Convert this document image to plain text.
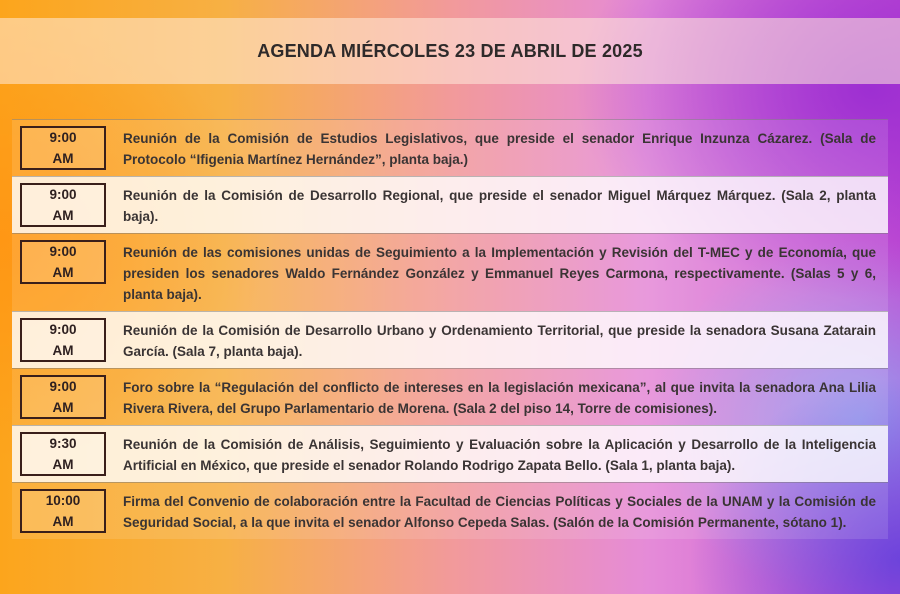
AGENDA MIÉRCOLES 23 DE ABRIL DE 2025
9:00
AM
Reunión de la Comisión de Estudios Legislativos, que preside el senador Enrique Inzunza Cázarez. (Sala de Protocolo “Ifigenia Martínez Hernández”, planta baja.)
9:00
AM
Reunión de la Comisión de Desarrollo Regional, que preside el senador Miguel Márquez Márquez. (Sala 2, planta baja).
9:00
AM
Reunión de las comisiones unidas de Seguimiento a la Implementación y Revisión del T-MEC y de Economía, que presiden los senadores Waldo Fernández González y Emmanuel Reyes Carmona, respectivamente. (Salas 5 y 6, planta baja).
9:00
AM
Reunión de la Comisión de Desarrollo Urbano y Ordenamiento Territorial, que preside la senadora Susana Zatarain García. (Sala 7, planta baja).
9:00
AM
Foro sobre la “Regulación del conflicto de intereses en la legislación mexicana”, al que invita la senadora Ana Lilia Rivera Rivera, del Grupo Parlamentario de Morena. (Sala 2 del piso 14, Torre de comisiones).
9:30
AM
Reunión de la Comisión de Análisis, Seguimiento y Evaluación sobre la Aplicación y Desarrollo de la Inteligencia Artificial en México, que preside el senador Rolando Rodrigo Zapata Bello. (Sala 1, planta baja).
10:00
AM
Firma del Convenio de colaboración entre la Facultad de Ciencias Políticas y Sociales de la UNAM y la Comisión de Seguridad Social, a la que invita el senador Alfonso Cepeda Salas. (Salón de la Comisión Permanente, sótano 1).
